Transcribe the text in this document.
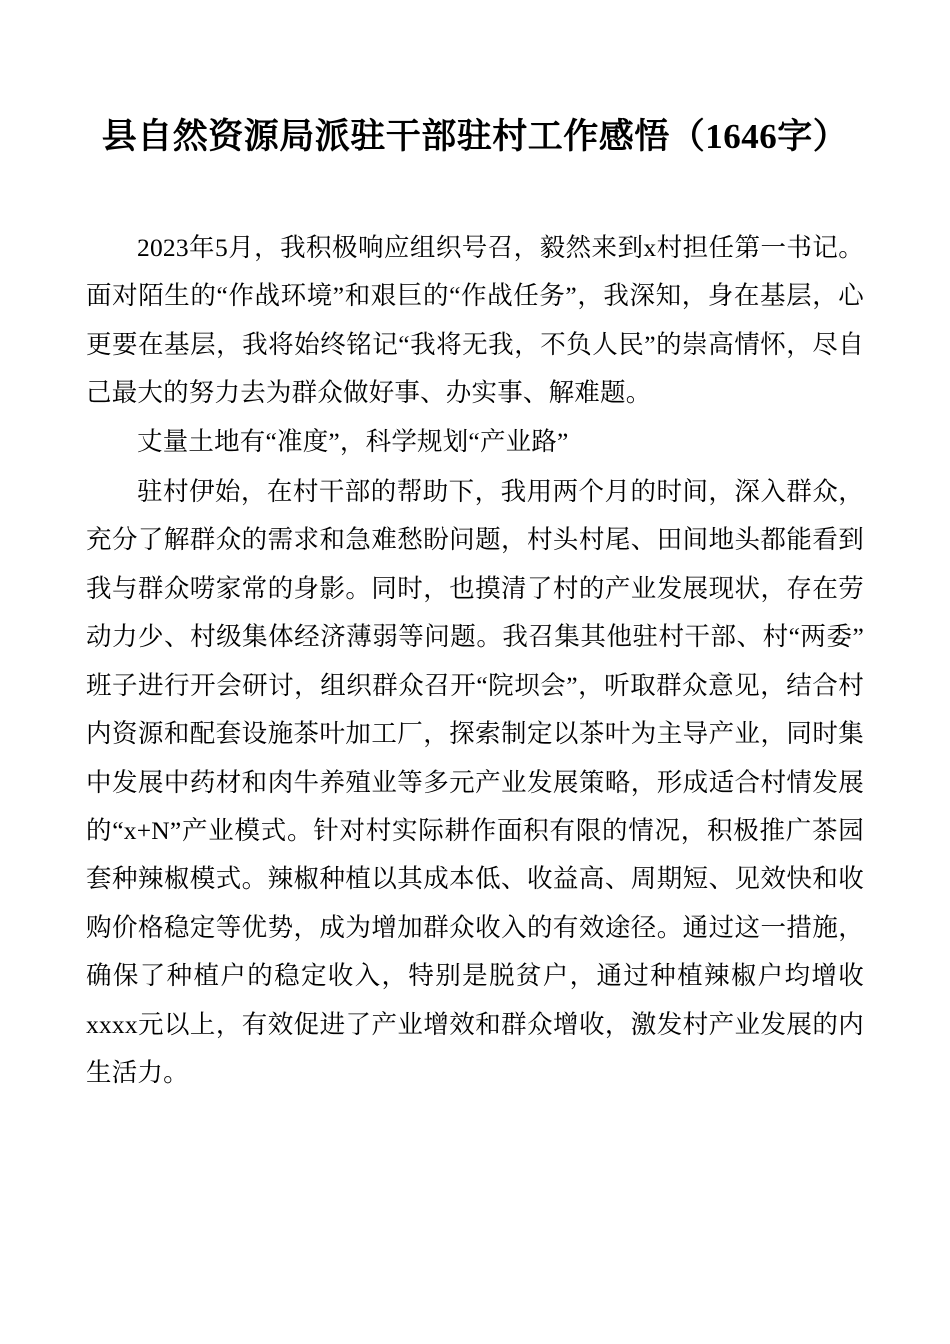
县自然资源局派驻干部驻村工作感悟（1646字）

2023年5月，我积极响应组织号召，毅然来到x村担任第一书记。面对陌生的“作战环境”和艰巨的“作战任务”，我深知，身在基层，心更要在基层，我将始终铭记“我将无我，不负人民”的崇高情怀，尽自己最大的努力去为群众做好事、办实事、解难题。

丈量土地有“准度”，科学规划“产业路”

驻村伊始，在村干部的帮助下，我用两个月的时间，深入群众，充分了解群众的需求和急难愁盼问题，村头村尾、田间地头都能看到我与群众唠家常的身影。同时，也摸清了村的产业发展现状，存在劳动力少、村级集体经济薄弱等问题。我召集其他驻村干部、村“两委”班子进行开会研讨，组织群众召开“院坝会”，听取群众意见，结合村内资源和配套设施茶叶加工厂，探索制定以茶叶为主导产业，同时集中发展中药材和肉牛养殖业等多元产业发展策略，形成适合村情发展的“x+N”产业模式。针对村实际耕作面积有限的情况，积极推广茶园套种辣椒模式。辣椒种植以其成本低、收益高、周期短、见效快和收购价格稳定等优势，成为增加群众收入的有效途径。通过这一措施，确保了种植户的稳定收入，特别是脱贫户，通过种植辣椒户均增收xxxx元以上，有效促进了产业增效和群众增收，激发村产业发展的内生活力。
